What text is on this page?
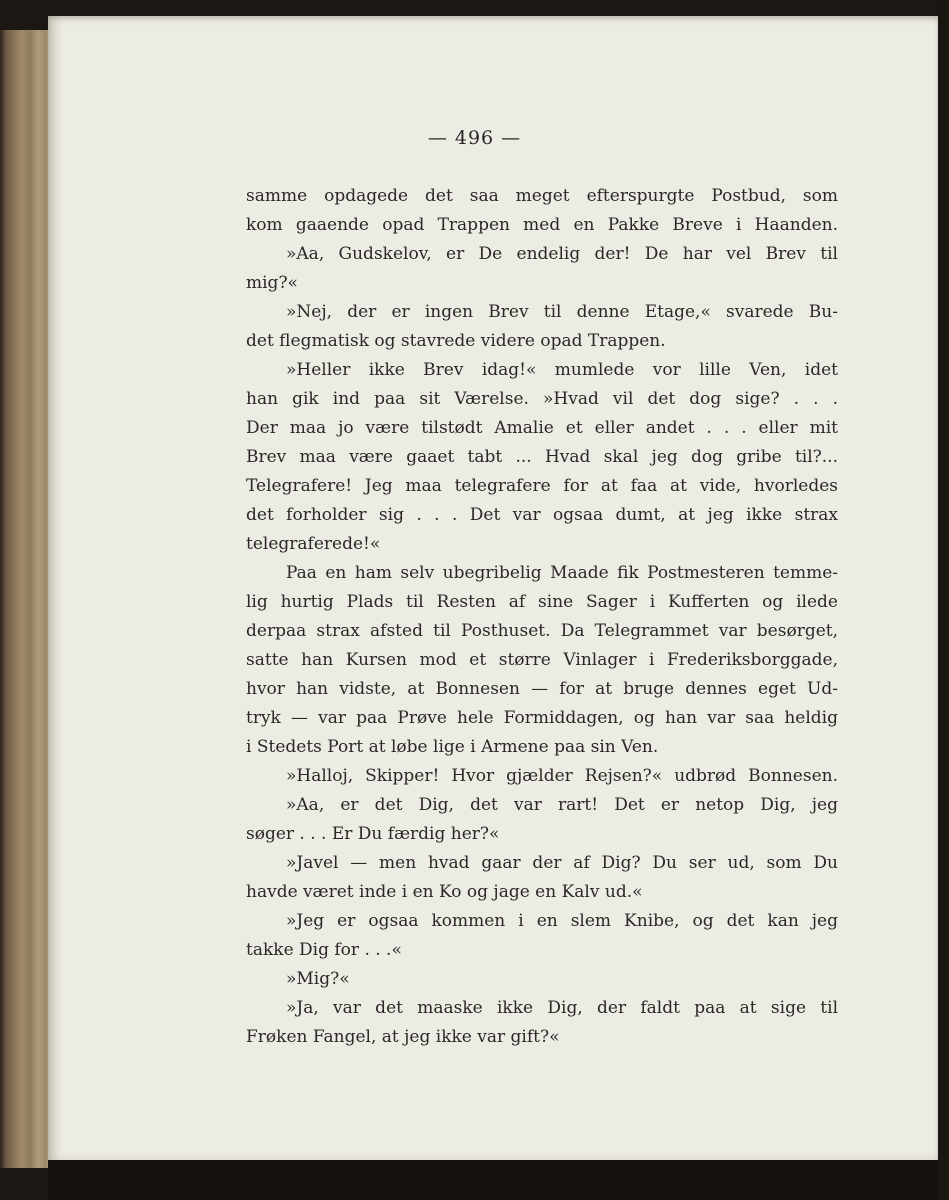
— 496 —
samme opdagede det saa meget efterspurgte Postbud, som
kom gaaende opad Trappen med en Pakke Breve i Haanden.
»Aa, Gudskelov, er De endelig der! De har vel Brev til
mig?«
»Nej, der er ingen Brev til denne Etage,« svarede Bu-
det flegmatisk og stavrede videre opad Trappen.
»Heller ikke Brev idag!« mumlede vor lille Ven, idet
han gik ind paa sit Værelse. »Hvad vil det dog sige? . . .
Der maa jo være tilstødt Amalie et eller andet . . . eller mit
Brev maa være gaaet tabt ... Hvad skal jeg dog gribe til?...
Telegrafere! Jeg maa telegrafere for at faa at vide, hvorledes
det forholder sig . . . Det var ogsaa dumt, at jeg ikke strax
telegraferede!«
Paa en ham selv ubegribelig Maade fik Postmesteren temme-
lig hurtig Plads til Resten af sine Sager i Kufferten og ilede
derpaa strax afsted til Posthuset. Da Telegrammet var besørget,
satte han Kursen mod et større Vinlager i Frederiksborggade,
hvor han vidste, at Bonnesen — for at bruge dennes eget Ud-
tryk — var paa Prøve hele Formiddagen, og han var saa heldig
i Stedets Port at løbe lige i Armene paa sin Ven.
»Halloj, Skipper! Hvor gjælder Rejsen?« udbrød Bonnesen.
»Aa, er det Dig, det var rart! Det er netop Dig, jeg
søger . . . Er Du færdig her?«
»Javel — men hvad gaar der af Dig? Du ser ud, som Du
havde været inde i en Ko og jage en Kalv ud.«
»Jeg er ogsaa kommen i en slem Knibe, og det kan jeg
takke Dig for . . .«
»Mig?«
»Ja, var det maaske ikke Dig, der faldt paa at sige til
Frøken Fangel, at jeg ikke var gift?«
